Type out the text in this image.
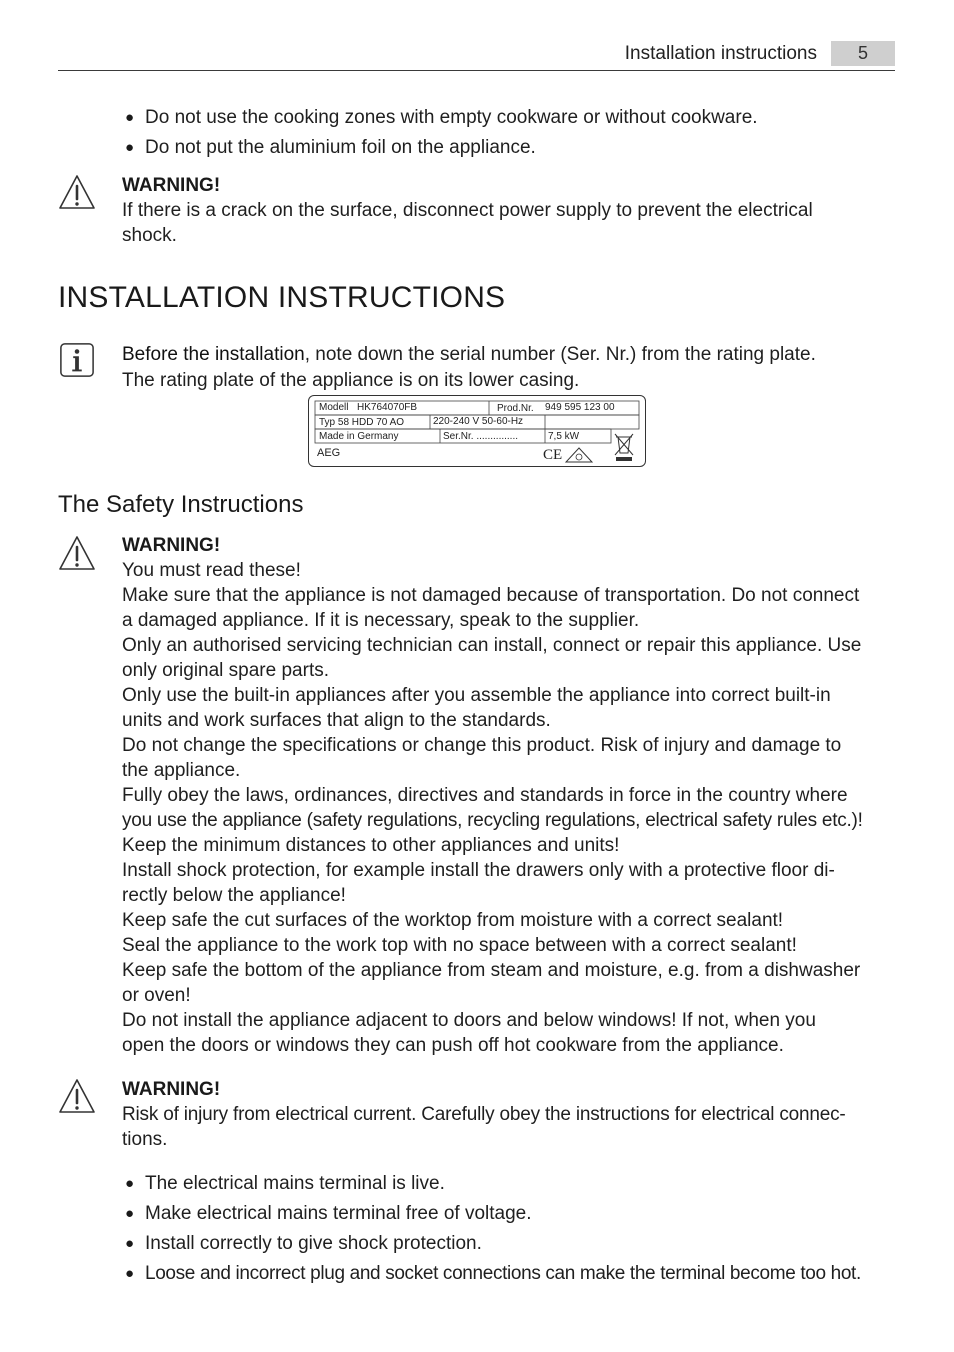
Installation instructions	5
● Do not use the cooking zones with empty cookware or without cookware.
● Do not put the aluminium foil on the appliance.
WARNING!
If there is a crack on the surface, disconnect power supply to prevent the electrical
shock.
INSTALLATION INSTRUCTIONS
Before the installation, note down the serial number (Ser. Nr.) from the rating plate.
The rating plate of the appliance is on its lower casing.
Modell HK764070FB	Prod.Nr. 949 595 123 00
Typ 58 HDD 70 AO	220-240 V 50-60-Hz
Made in Germany	Ser.Nr. ...............	7,5 kW
AEG	CE
The Safety Instructions
WARNING!
You must read these!
Make sure that the appliance is not damaged because of transportation. Do not connect
a damaged appliance. If it is necessary, speak to the supplier.
Only an authorised servicing technician can install, connect or repair this appliance. Use
only original spare parts.
Only use the built-in appliances after you assemble the appliance into correct built-in
units and work surfaces that align to the standards.
Do not change the specifications or change this product. Risk of injury and damage to
the appliance.
Fully obey the laws, ordinances, directives and standards in force in the country where
you use the appliance (safety regulations, recycling regulations, electrical safety rules etc.)!
Keep the minimum distances to other appliances and units!
Install shock protection, for example install the drawers only with a protective floor di-
rectly below the appliance!
Keep safe the cut surfaces of the worktop from moisture with a correct sealant!
Seal the appliance to the work top with no space between with a correct sealant!
Keep safe the bottom of the appliance from steam and moisture, e.g. from a dishwasher
or oven!
Do not install the appliance adjacent to doors and below windows! If not, when you
open the doors or windows they can push off hot cookware from the appliance.
WARNING!
Risk of injury from electrical current. Carefully obey the instructions for electrical connec-
tions.
● The electrical mains terminal is live.
● Make electrical mains terminal free of voltage.
● Install correctly to give shock protection.
● Loose and incorrect plug and socket connections can make the terminal become too hot.
